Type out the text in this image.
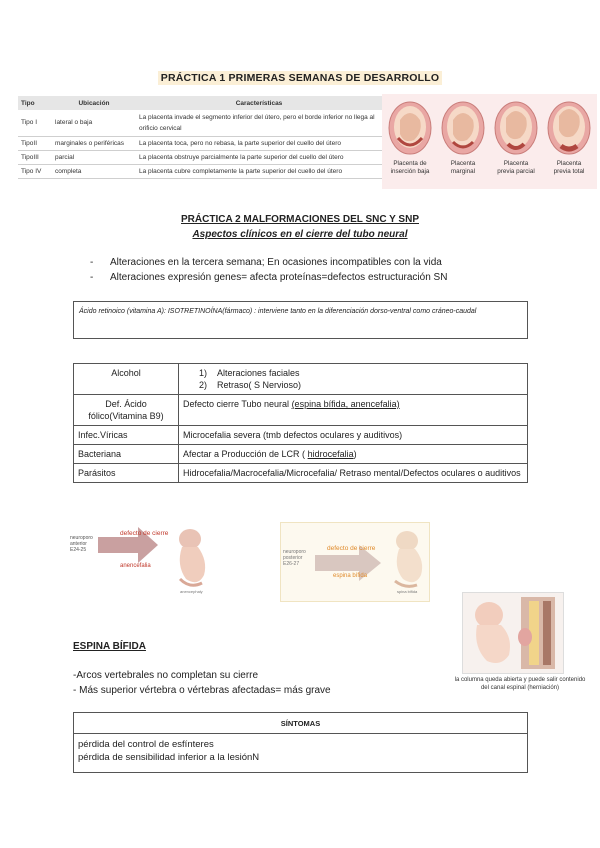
PRÁCTICA 1 PRIMERAS SEMANAS DE DESARROLLO
Tipo	Ubicación	Características
Tipo I	lateral o baja	La placenta invade el segmento inferior del útero, pero el borde inferior no llega al orificio cervical
TipoII	marginales o periféricas	La placenta toca, pero no rebasa, la parte superior del cuello del útero
TipoIII	parcial	La placenta obstruye parcialmente la parte superior del cuello del útero
Tipo IV	completa	La placenta cubre completamente la parte superior del cuello del útero
Placenta de
inserción baja
Placenta
marginal
Placenta
previa parcial
Placenta
previa total
PRÁCTICA 2 MALFORMACIONES DEL SNC Y SNP
Aspectos clínicos en el cierre del tubo neural
- Alteraciones en la tercera semana; En ocasiones incompatibles con la vida
- Alteraciones expresión genes= afecta proteínas=defectos estructuración SN
Ácido retinoico (vitamina A): ISOTRETINOÍNA(fármaco) : interviene tanto en la diferenciación dorso-ventral como cráneo-caudal
Alcohol	1)    Alteraciones faciales
2)    Retraso( S Nervioso)

Def. Ácido
fólico(Vitamina B9)	Defecto cierre Tubo neural (espina bífida, anencefalia)
Infec.Víricas	Microcefalia severa (tmb defectos oculares y auditivos)
Bacteriana	Afectar a Producción de LCR ( hidrocefalia)
Parásitos	Hidrocefalia/Macrocefalia/Microcefalia/ Retraso mental/Defectos oculares o auditivos
neuroporo
anterior
E24-25
defecto de cierre
anencefalia
anencephaly
neuroporo
posterior
E26-27
defecto de cierre
espina bífida
spina bifida
la columna queda abierta y puede salir contenido del canal espinal (herniación)
ESPINA BÍFIDA
-Arcos vertebrales no completan su cierre
- Más superior vértebra o vértebras afectadas= más grave
SÍNTOMAS

pérdida del control de esfínteres
pérdida de sensibilidad inferior a la lesiónN
